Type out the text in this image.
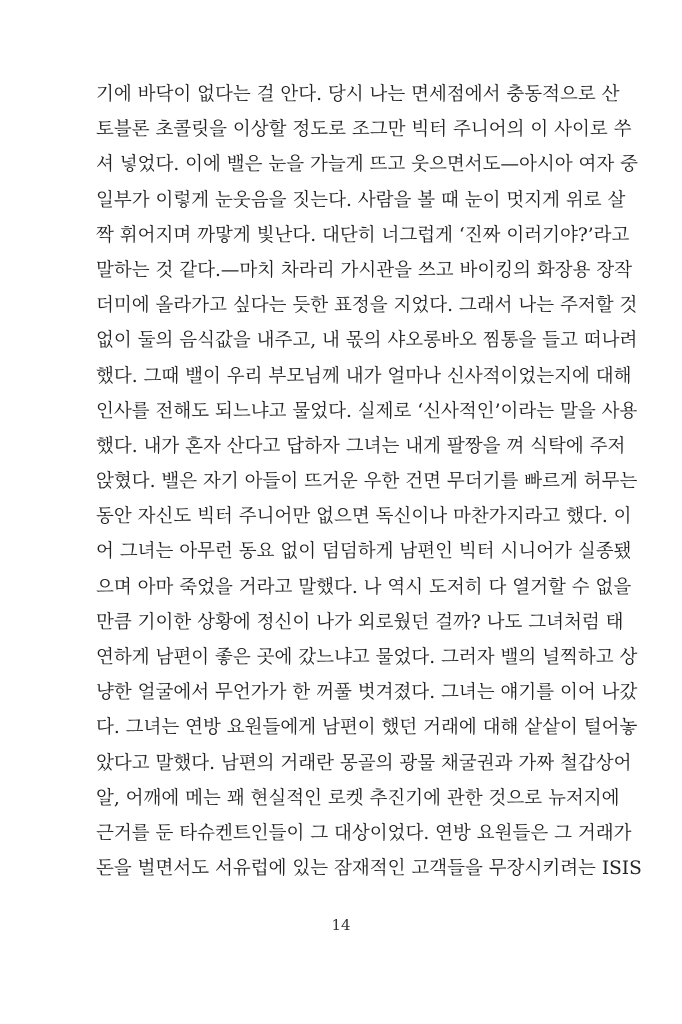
기에 바닥이 없다는 걸 안다. 당시 나는 면세점에서 충동적으로 산
토블론 초콜릿을 이상할 정도로 조그만 빅터 주니어의 이 사이로 쑤
셔 넣었다. 이에 밸은 눈을 가늘게 뜨고 웃으면서도—아시아 여자 중
일부가 이렇게 눈웃음을 짓는다. 사람을 볼 때 눈이 멋지게 위로 살
짝 휘어지며 까맣게 빛난다. 대단히 너그럽게 ‘진짜 이러기야?’라고
말하는 것 같다.—마치 차라리 가시관을 쓰고 바이킹의 화장용 장작
더미에 올라가고 싶다는 듯한 표정을 지었다. 그래서 나는 주저할 것
없이 둘의 음식값을 내주고, 내 몫의 샤오롱바오 찜통을 들고 떠나려
했다. 그때 밸이 우리 부모님께 내가 얼마나 신사적이었는지에 대해
인사를 전해도 되느냐고 물었다. 실제로 ‘신사적인’이라는 말을 사용
했다. 내가 혼자 산다고 답하자 그녀는 내게 팔짱을 껴 식탁에 주저
앉혔다. 밸은 자기 아들이 뜨거운 우한 건면 무더기를 빠르게 허무는
동안 자신도 빅터 주니어만 없으면 독신이나 마찬가지라고 했다. 이
어 그녀는 아무런 동요 없이 덤덤하게 남편인 빅터 시니어가 실종됐
으며 아마 죽었을 거라고 말했다. 나 역시 도저히 다 열거할 수 없을
만큼 기이한 상황에 정신이 나가 외로웠던 걸까? 나도 그녀처럼 태
연하게 남편이 좋은 곳에 갔느냐고 물었다. 그러자 밸의 널찍하고 상
냥한 얼굴에서 무언가가 한 꺼풀 벗겨졌다. 그녀는 얘기를 이어 나갔
다. 그녀는 연방 요원들에게 남편이 했던 거래에 대해 샅샅이 털어놓
았다고 말했다. 남편의 거래란 몽골의 광물 채굴권과 가짜 철갑상어
알, 어깨에 메는 꽤 현실적인 로켓 추진기에 관한 것으로 뉴저지에
근거를 둔 타슈켄트인들이 그 대상이었다. 연방 요원들은 그 거래가
돈을 벌면서도 서유럽에 있는 잠재적인 고객들을 무장시키려는 ISIS
14
